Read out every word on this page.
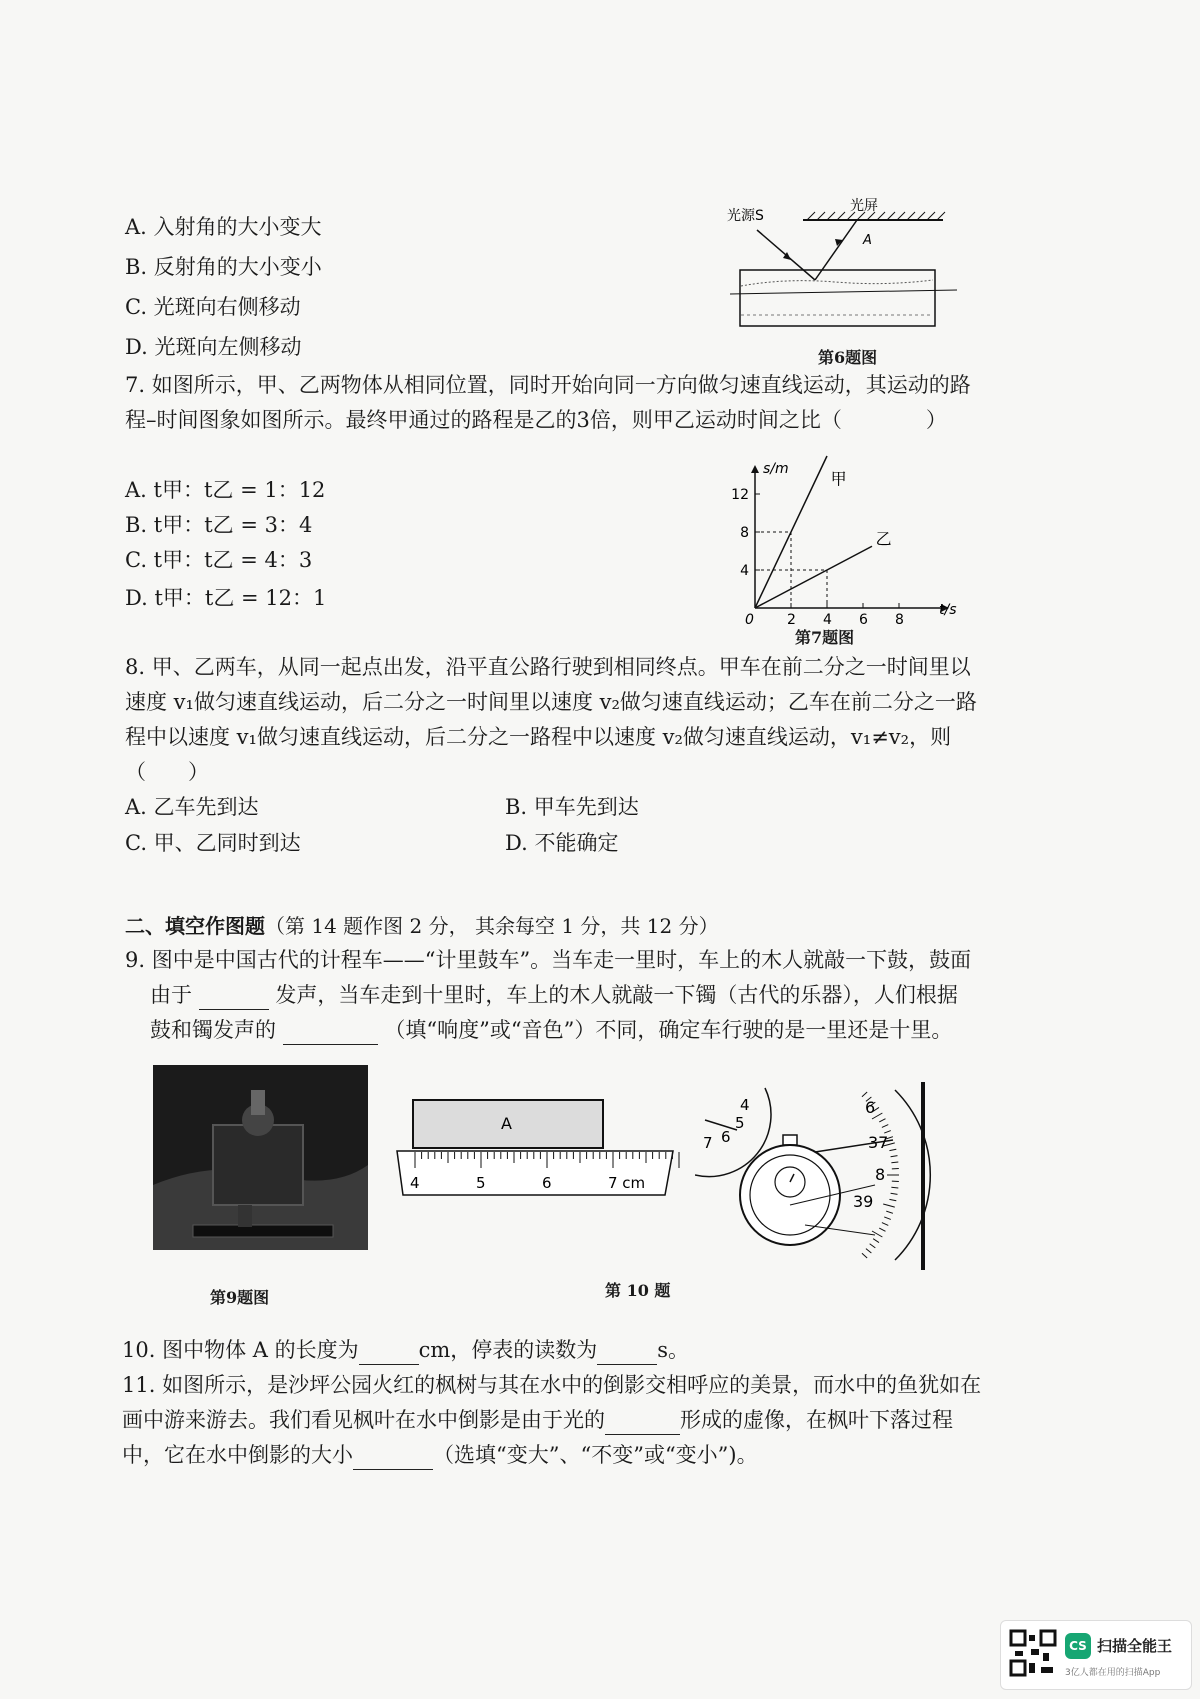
A. 入射角的大小变大
B. 反射角的大小变小
C. 光斑向右侧移动
D. 光斑向左侧移动
光源S
光屏
A
第6题图
7. 如图所示，甲、乙两物体从相同位置，同时开始向同一方向做匀速直线运动，其运动的路
程–时间图象如图所示。最终甲通过的路程是乙的3倍，则甲乙运动时间之比（　　　　）
A. t甲：t乙 = 1：12
B. t甲：t乙 = 3：4
C. t甲：t乙 = 4：3
D. t甲：t乙 = 12：1
s/m
t/s
0 2 4 6 8
4
8
12
甲
乙
第7题图
8. 甲、乙两车，从同一起点出发，沿平直公路行驶到相同终点。甲车在前二分之一时间里以
速度 v₁做匀速直线运动，后二分之一时间里以速度 v₂做匀速直线运动；乙车在前二分之一路
程中以速度 v₁做匀速直线运动，后二分之一路程中以速度 v₂做匀速直线运动，v₁≠v₂，则
（　　）
A. 乙车先到达	B. 甲车先到达
C. 甲、乙同时到达	D. 不能确定
二、填空作图题（第 14 题作图 2 分， 其余每空 1 分，共 12 分）
9. 图中是中国古代的计程车——“计里鼓车”。当车走一里时，车上的木人就敲一下鼓，鼓面
由于	发声，当车走到十里时，车上的木人就敲一下镯（古代的乐器），人们根据
鼓和镯发声的	（填“响度”或“音色”）不同，确定车行驶的是一里还是十里。
第9题图
A
4	5	6	7 cm
4
5
6
7
6
37
8
39
第 10 题
10. 图中物体 A 的长度为	cm，停表的读数为	s。
11. 如图所示，是沙坪公园火红的枫树与其在水中的倒影交相呼应的美景，而水中的鱼犹如在
画中游来游去。我们看见枫叶在水中倒影是由于光的	形成的虚像，在枫叶下落过程
中，它在水中倒影的大小	（选填“变大”、“不变”或“变小”)。
CS 扫描全能王
3亿人都在用的扫描App
